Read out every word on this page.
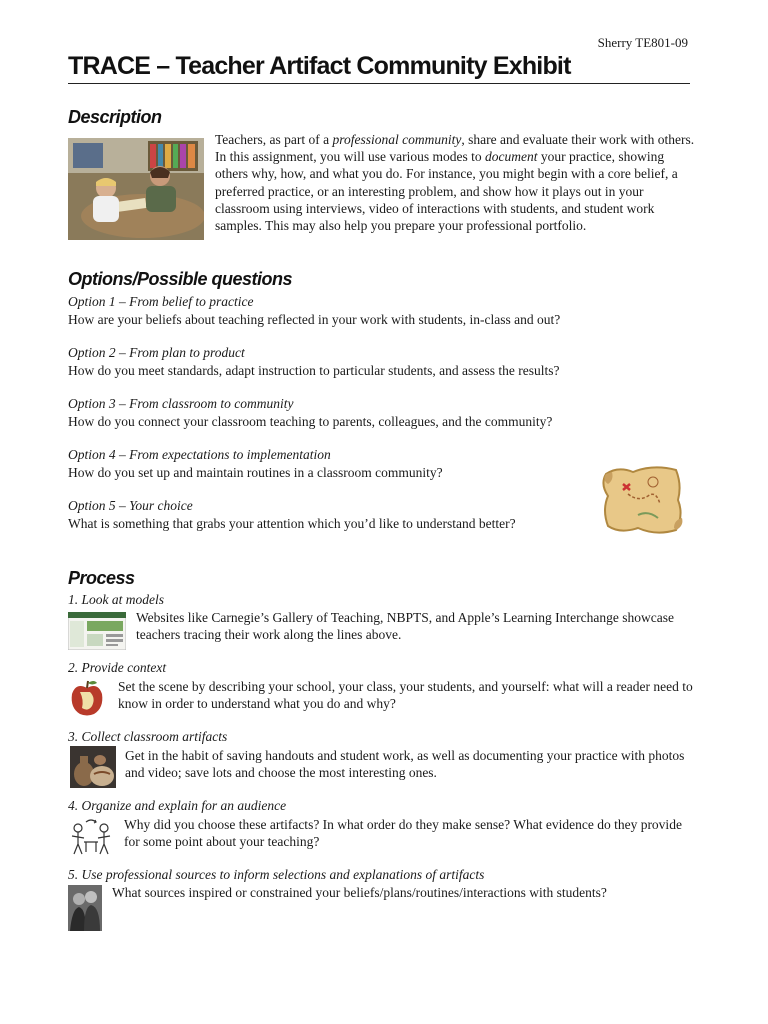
Sherry TE801-09
TRACE – Teacher Artifact Community Exhibit
Description
Teachers, as part of a professional community, share and evaluate their work with others. In this assignment, you will use various modes to document your practice, showing others why, how, and what you do. For instance, you might begin with a core belief, a preferred practice, or an interesting problem, and show how it plays out in your classroom using interviews, video of interactions with students, and student work samples. This may also help you prepare your professional portfolio.
Options/Possible questions
Option 1 – From belief to practice
How are your beliefs about teaching reflected in your work with students, in-class and out?
Option 2 – From plan to product
How do you meet standards, adapt instruction to particular students, and assess the results?
Option 3 – From classroom to community
How do you connect your classroom teaching to parents, colleagues, and the community?
Option 4 – From expectations to implementation
How do you set up and maintain routines in a classroom community?
Option 5 – Your choice
What is something that grabs your attention which you’d like to understand better?
Process
1. Look at models
Websites like Carnegie’s Gallery of Teaching, NBPTS, and Apple’s Learning Interchange showcase teachers tracing their work along the lines above.
2. Provide context
Set the scene by describing your school, your class, your students, and yourself: what will a reader need to know in order to understand what you do and why?
3. Collect classroom artifacts
Get in the habit of saving handouts and student work, as well as documenting your practice with photos and video; save lots and choose the most interesting ones.
4. Organize and explain for an audience
Why did you choose these artifacts? In what order do they make sense? What evidence do they provide for some point about your teaching?
5. Use professional sources to inform selections and explanations of artifacts
What sources inspired or constrained your beliefs/plans/routines/interactions with students?
